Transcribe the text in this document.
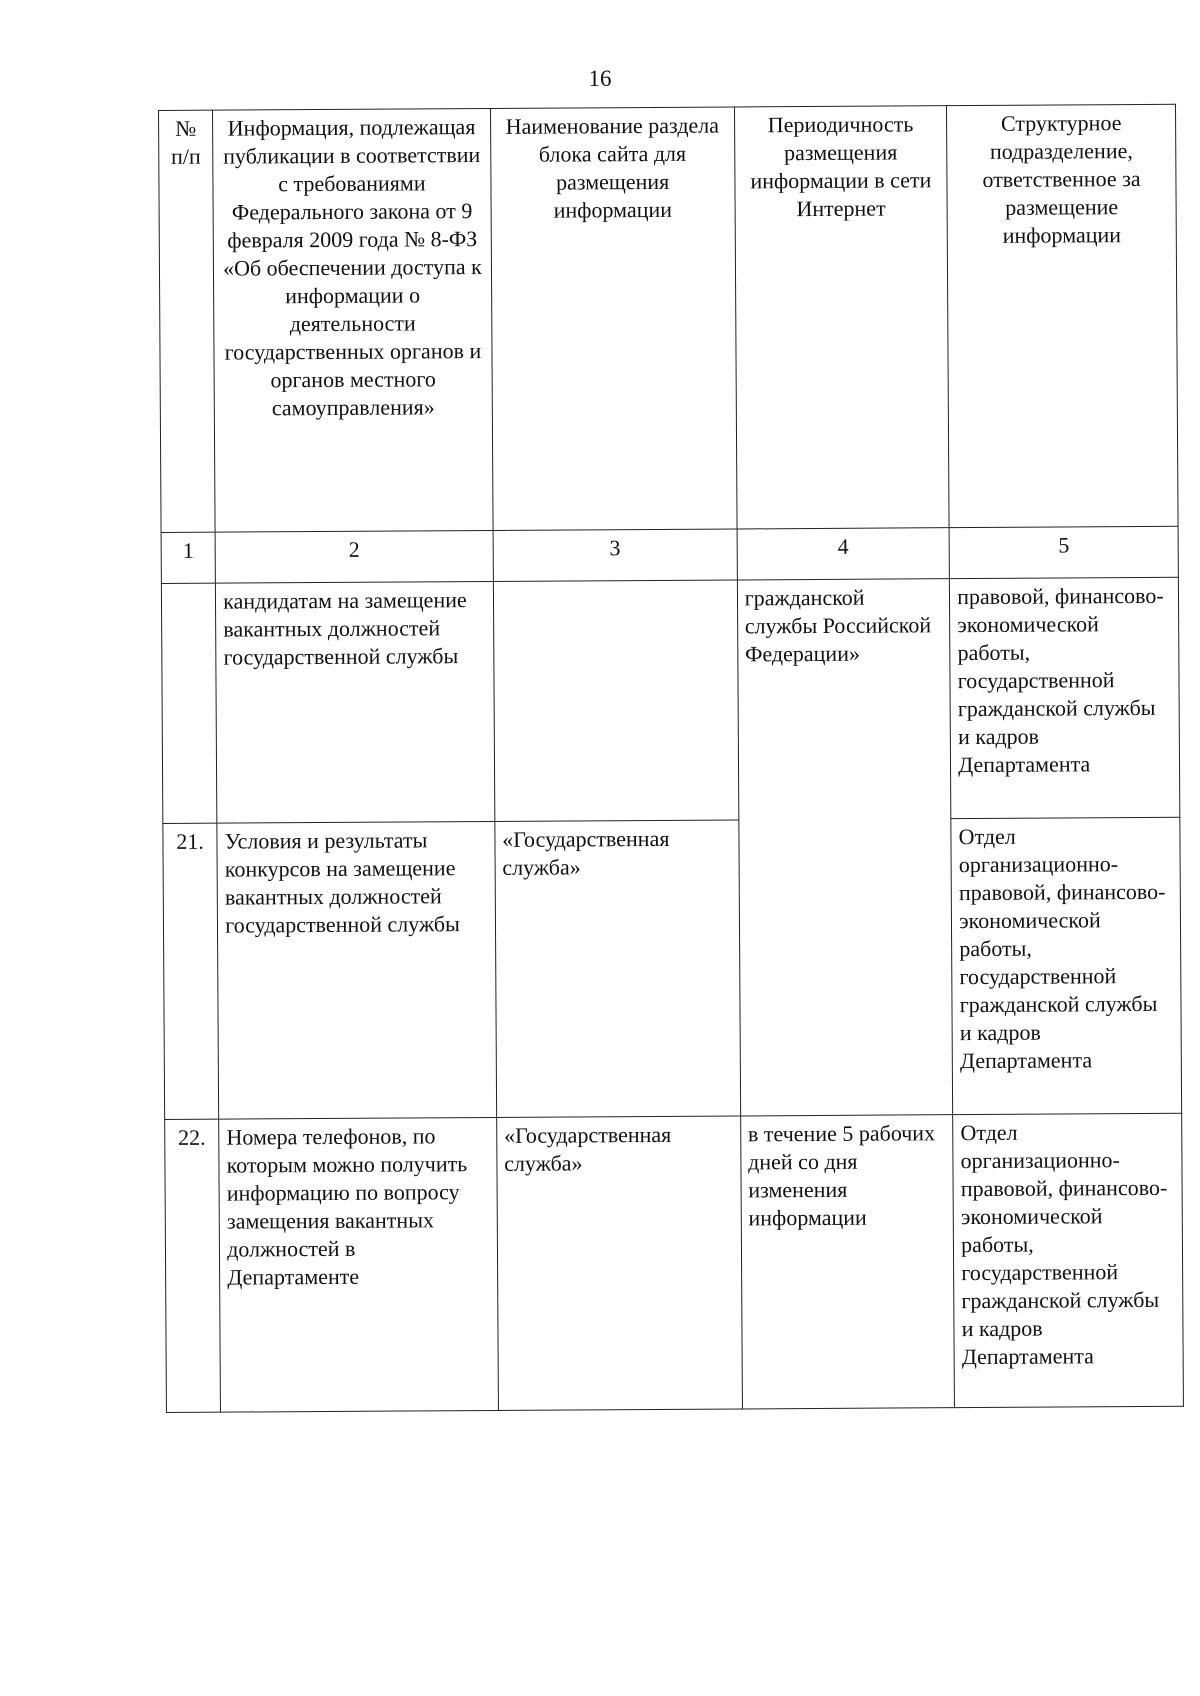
16
№ п/п	Информация, подлежащая публикации в соответствии с требованиями Федерального закона от 9 февраля 2009 года № 8-ФЗ «Об обеспечении доступа к информации о деятельности государственных органов и органов местного самоуправления»	Наименование раздела блока сайта для размещения информации	Периодичность размещения информации в сети Интернет	Структурное подразделение, ответственное за размещение информации
1	2	3	4	5
	кандидатам на замещение вакантных должностей государственной службы		гражданской службы Российской Федерации»	правовой, финансово-экономической работы, государственной гражданской службы и кадров Департамента
21.	Условия и результаты конкурсов на замещение вакантных должностей государственной службы	«Государственная служба»		Отдел организационно-правовой, финансово-экономической работы, государственной гражданской службы и кадров Департамента
22.	Номера телефонов, по которым можно получить информацию по вопросу замещения вакантных должностей в Департаменте	«Государственная служба»	в течение 5 рабочих дней со дня изменения информации	Отдел организационно-правовой, финансово-экономической работы, государственной гражданской службы и кадров Департамента
